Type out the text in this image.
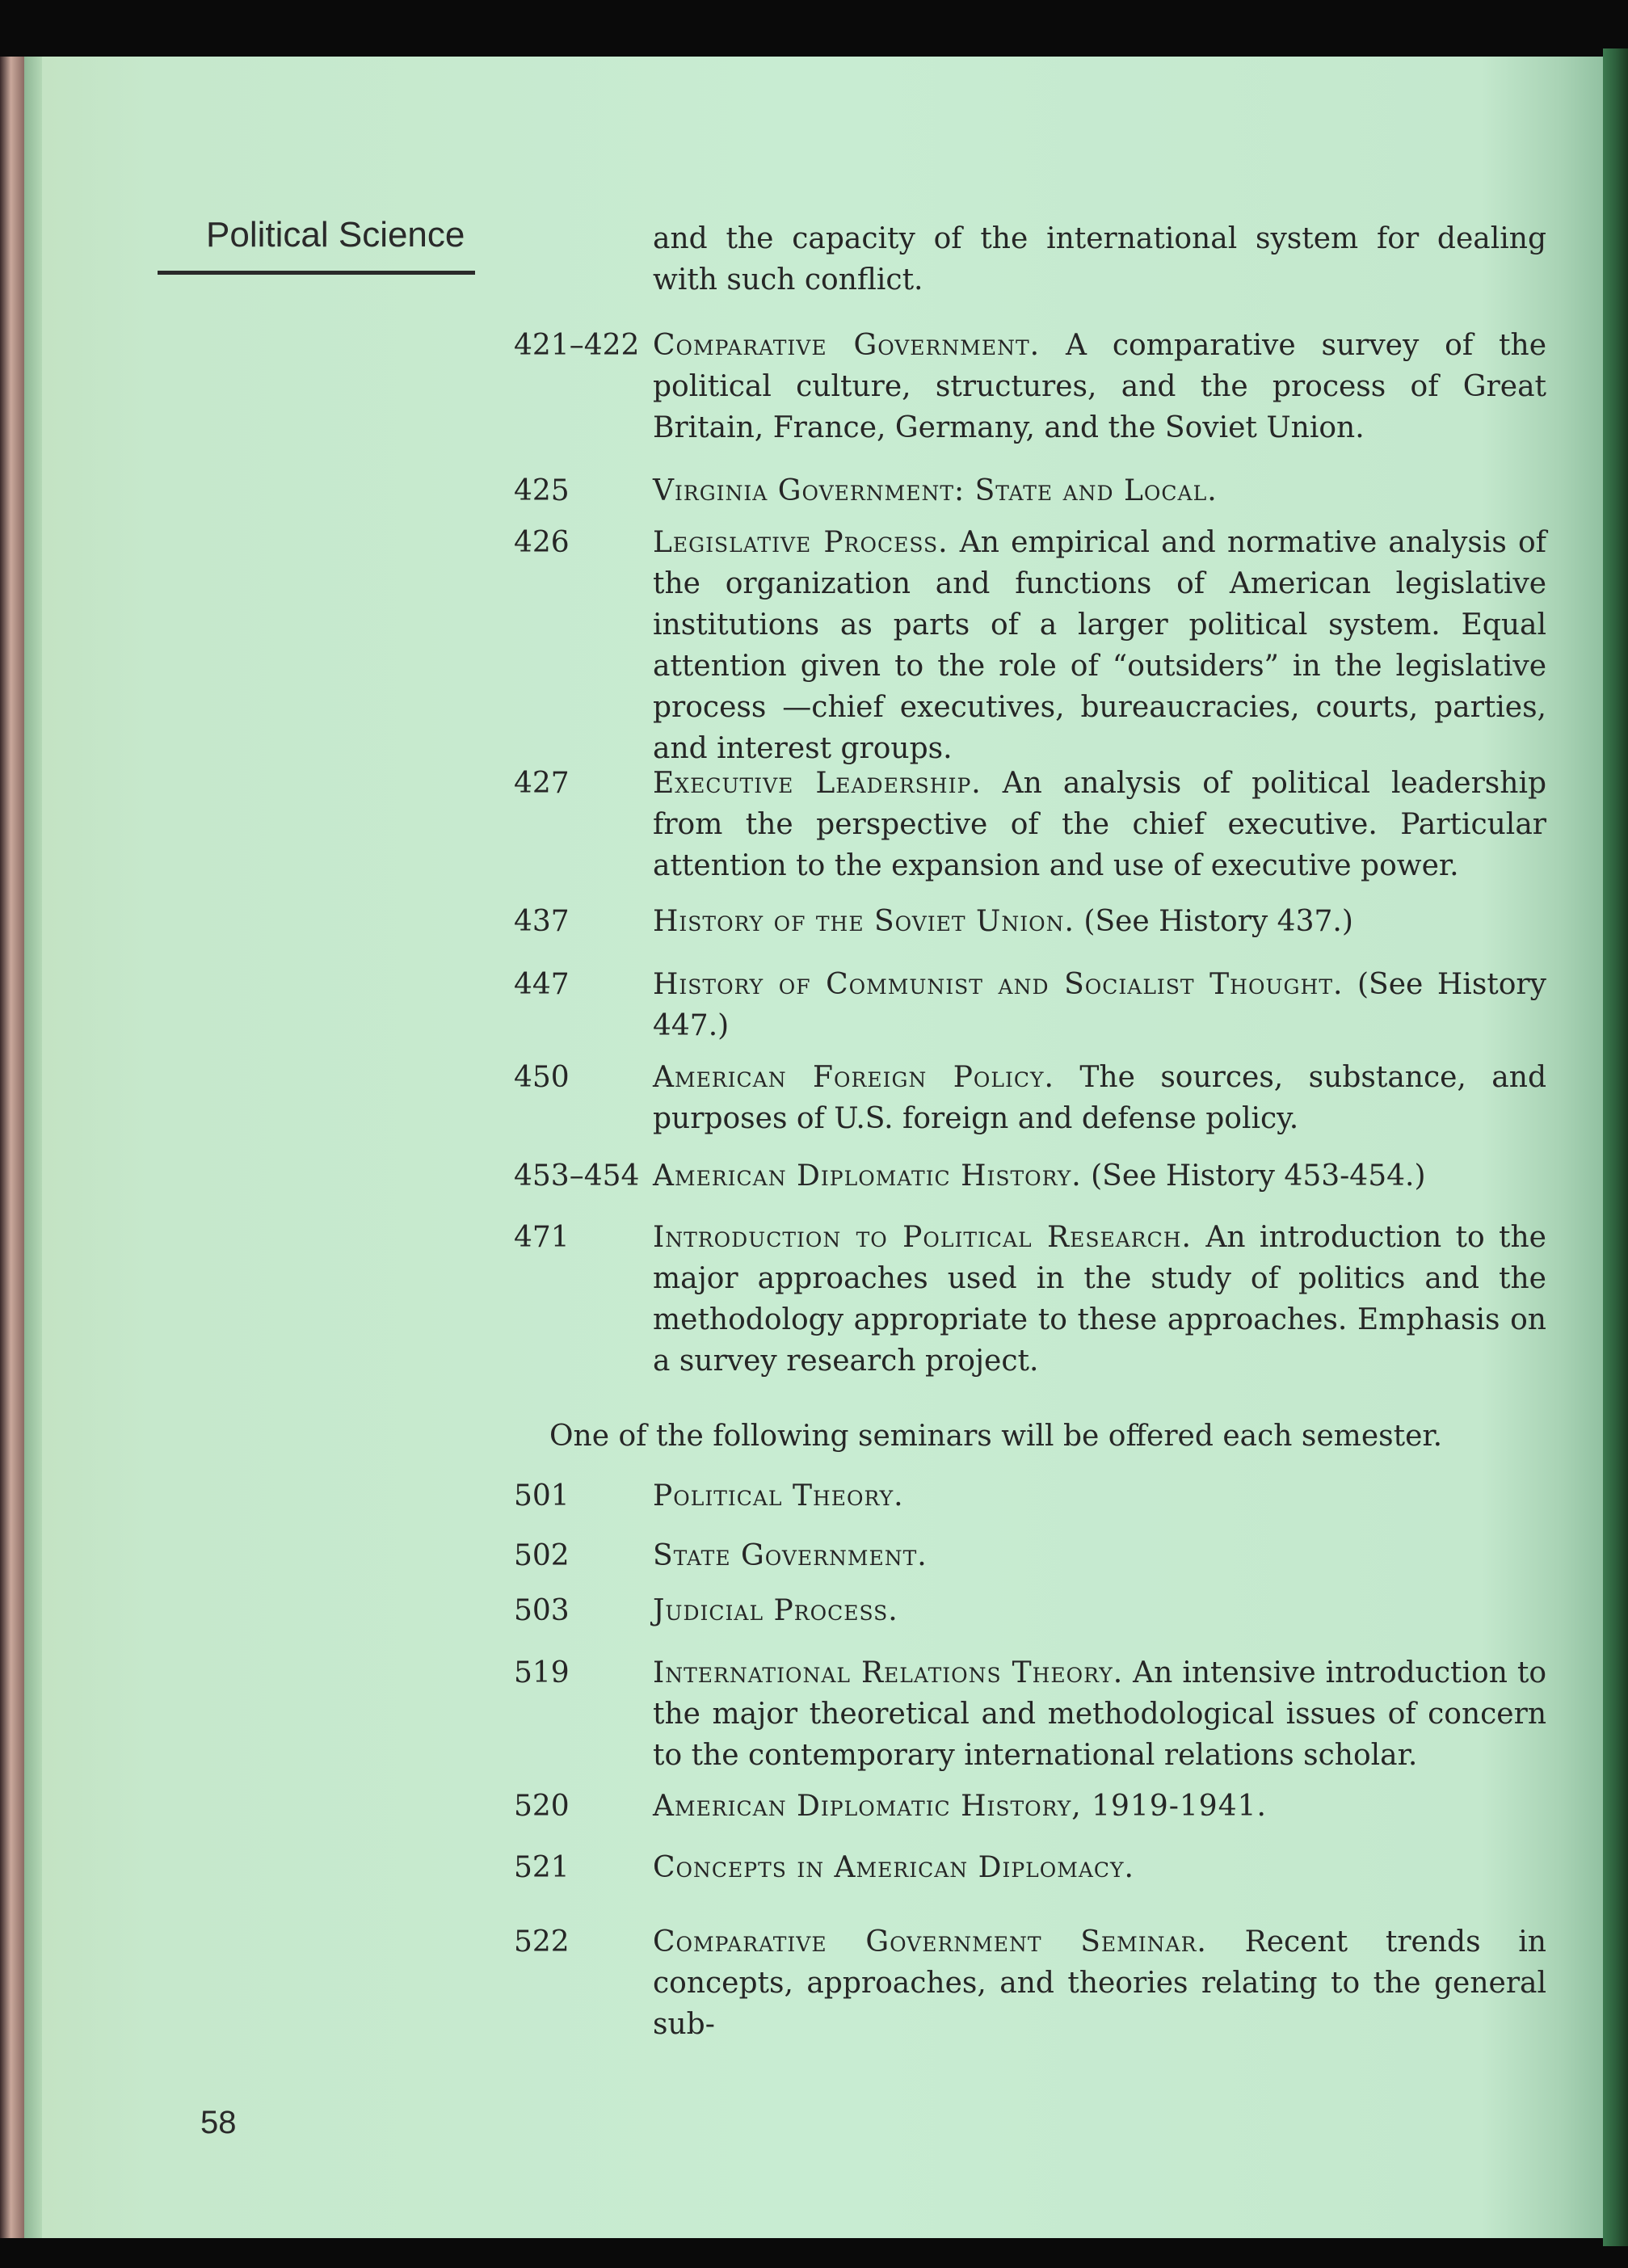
Political Science	and the capacity of the international system for dealing with such conflict.
421–422 Comparative Government. A comparative survey of the political culture, structures, and the process of Great Britain, France, Germany, and the Soviet Union.
425	Virginia Government: State and Local.
426	Legislative Process. An empirical and normative analysis of the organization and functions of American legislative institutions as parts of a larger political system. Equal attention given to the role of “outsiders” in the legislative process —chief executives, bureaucracies, courts, parties, and interest groups.
427	Executive Leadership. An analysis of political leadership from the perspective of the chief executive. Particular attention to the expansion and use of executive power.
437	History of the Soviet Union. (See History 437.)
447	History of Communist and Socialist Thought. (See History 447.)
450	American Foreign Policy. The sources, substance, and purposes of U.S. foreign and defense policy.
453–454 American Diplomatic History. (See History 453-454.)
471	Introduction to Political Research. An introduction to the major approaches used in the study of politics and the methodology appropriate to these approaches. Emphasis on a survey research project.
501	Political Theory.
502	State Government.
503	Judicial Process.
519	International Relations Theory. An intensive introduction to the major theoretical and methodological issues of concern to the contemporary international relations scholar.
520	American Diplomatic History, 1919-1941.
521	Concepts in American Diplomacy.
522	Comparative Government Seminar. Recent trends in concepts, approaches, and theories relating to the general sub-
One of the following seminars will be offered each semester.
58
